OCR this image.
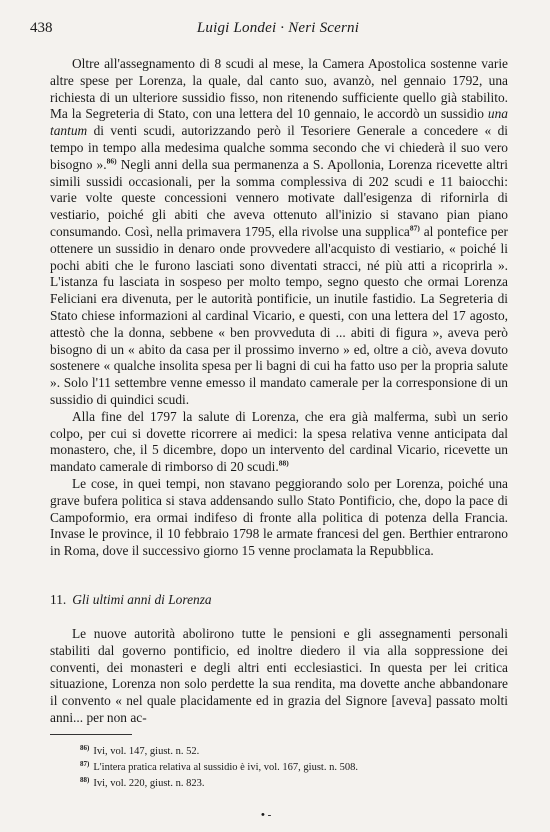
438	Luigi Londei · Neri Scerni

Oltre all'assegnamento di 8 scudi al mese, la Camera Apostolica sostenne varie altre spese per Lorenza, la quale, dal canto suo, avanzò, nel gennaio 1792, una richiesta di un ulteriore sussidio fisso, non ritenendo sufficiente quello già stabilito. Ma la Segreteria di Stato, con una lettera del 10 gennaio, le accordò un sussidio una tantum di venti scudi, autorizzando però il Tesoriere Generale a concedere « di tempo in tempo alla medesima qualche somma secondo che vi chiederà il suo vero bisogno ».$^{86)}$ Negli anni della sua permanenza a S. Apollonia, Lorenza ricevette altri simili sussidi occasionali, per la somma complessiva di 202 scudi e 11 baiocchi: varie volte queste concessioni vennero motivate dall'esigenza di rifornirla di vestiario, poiché gli abiti che aveva ottenuto all'inizio si stavano pian piano consumando. Così, nella primavera 1795, ella rivolse una supplica$^{87)}$ al pontefice per ottenere un sussidio in denaro onde provvedere all'acquisto di vestiario, « poiché li pochi abiti che le furono lasciati sono diventati stracci, né più atti a ricoprirla ». L'istanza fu lasciata in sospeso per molto tempo, segno questo che ormai Lorenza Feliciani era divenuta, per le autorità pontificie, un inutile fastidio. La Segreteria di Stato chiese informazioni al cardinal Vicario, e questi, con una lettera del 17 agosto, attestò che la donna, sebbene « ben provveduta di ... abiti di figura », aveva però bisogno di un « abito da casa per il prossimo inverno » ed, oltre a ciò, aveva dovuto sostenere « qualche insolita spesa per li bagni di cui ha fatto uso per la propria salute ». Solo l'11 settembre venne emesso il mandato camerale per la corresponsione di un sussidio di quindici scudi.

Alla fine del 1797 la salute di Lorenza, che era già malferma, subì un serio colpo, per cui si dovette ricorrere ai medici: la spesa relativa venne anticipata dal monastero, che, il 5 dicembre, dopo un intervento del cardinal Vicario, ricevette un mandato camerale di rimborso di 20 scudi.$^{88)}$

Le cose, in quei tempi, non stavano peggiorando solo per Lorenza, poiché una grave bufera politica si stava addensando sullo Stato Pontificio, che, dopo la pace di Campoformio, era ormai indifeso di fronte alla politica di potenza della Francia. Invase le province, il 10 febbraio 1798 le armate francesi del gen. Berthier entrarono in Roma, dove il successivo giorno 15 venne proclamata la Repubblica.

11. Gli ultimi anni di Lorenza

Le nuove autorità abolirono tutte le pensioni e gli assegnamenti personali stabiliti dal governo pontificio, ed inoltre diedero il via alla soppressione dei conventi, dei monasteri e degli altri enti ecclesiastici. In questa per lei critica situazione, Lorenza non solo perdette la sua rendita, ma dovette anche abbandonare il convento « nel quale placidamente ed in grazia del Signore [aveva] passato molti anni... per non ac-

$^{86)}$ Ivi, vol. 147, giust. n. 52.

$^{87)}$ L'intera pratica relativa al sussidio è ivi, vol. 167, giust. n. 508.

$^{88)}$ Ivi, vol. 220, giust. n. 823.

• -
